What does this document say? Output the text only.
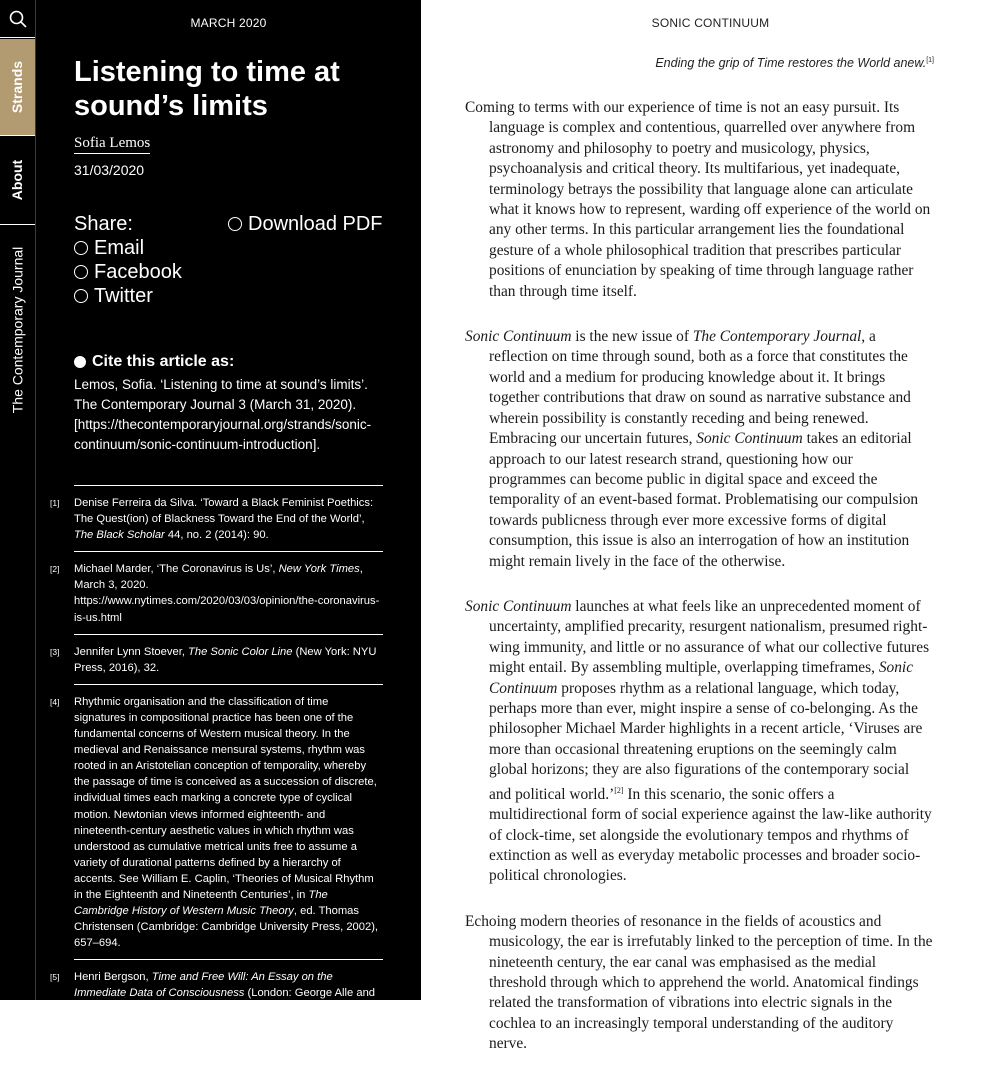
Strands
About
The Contemporary Journal
MARCH 2020
Listening to time at sound’s limits
Sofia Lemos
31/03/2020
Share:
Email
Facebook
Twitter
Download PDF
Cite this article as:
Lemos, Sofia. ‘Listening to time at sound’s limits’. The Contemporary Journal 3 (March 31, 2020). [https://thecontemporaryjournal.org/strands/sonic-continuum/sonic-continuum-introduction].
[1] Denise Ferreira da Silva. ‘Toward a Black Feminist Poethics: The Quest(ion) of Blackness Toward the End of the World’, The Black Scholar 44, no. 2 (2014): 90.
[2] Michael Marder, ‘The Coronavirus is Us’, New York Times, March 3, 2020. https://www.nytimes.com/2020/03/03/opinion/the-coronavirus-is-us.html
[3] Jennifer Lynn Stoever, The Sonic Color Line (New York: NYU Press, 2016), 32.
[4] Rhythmic organisation and the classification of time signatures in compositional practice has been one of the fundamental concerns of Western musical theory. In the medieval and Renaissance mensural systems, rhythm was rooted in an Aristotelian conception of temporality, whereby the passage of time is conceived as a succession of discrete, individual times each marking a concrete type of cyclical motion. Newtonian views informed eighteenth- and nineteenth-century aesthetic values in which rhythm was understood as cumulative metrical units free to assume a variety of durational patterns defined by a hierarchy of accents. See William E. Caplin, ‘Theories of Musical Rhythm in the Eighteenth and Nineteenth Centuries’, in The Cambridge History of Western Music Theory, ed. Thomas Christensen (Cambridge: Cambridge University Press, 2002), 657–694.
[5] Henri Bergson, Time and Free Will: An Essay on the Immediate Data of Consciousness (London: George Alle and Unwin, 1950), 111.
SONIC CONTINUUM
Ending the grip of Time restores the World anew.[1]

Coming to terms with our experience of time is not an easy pursuit. Its language is complex and contentious, quarrelled over anywhere from astronomy and philosophy to poetry and musicology, physics, psychoanalysis and critical theory. Its multifarious, yet inadequate, terminology betrays the possibility that language alone can articulate what it knows how to represent, warding off experience of the world on any other terms. In this particular arrangement lies the foundational gesture of a whole philosophical tradition that prescribes particular positions of enunciation by speaking of time through language rather than through time itself.

Sonic Continuum is the new issue of The Contemporary Journal, a reflection on time through sound, both as a force that constitutes the world and a medium for producing knowledge about it. It brings together contributions that draw on sound as narrative substance and wherein possibility is constantly receding and being renewed. Embracing our uncertain futures, Sonic Continuum takes an editorial approach to our latest research strand, questioning how our programmes can become public in digital space and exceed the temporality of an event-based format. Problematising our compulsion towards publicness through ever more excessive forms of digital consumption, this issue is also an interrogation of how an institution might remain lively in the face of the otherwise.

Sonic Continuum launches at what feels like an unprecedented moment of uncertainty, amplified precarity, resurgent nationalism, presumed right-wing immunity, and little or no assurance of what our collective futures might entail. By assembling multiple, overlapping timeframes, Sonic Continuum proposes rhythm as a relational language, which today, perhaps more than ever, might inspire a sense of co-belonging. As the philosopher Michael Marder highlights in a recent article, ‘Viruses are more than occasional threatening eruptions on the seemingly calm global horizons; they are also figurations of the contemporary social and political world.’[2] In this scenario, the sonic offers a multidirectional form of social experience against the law-like authority of clock-time, set alongside the evolutionary tempos and rhythms of extinction as well as everyday metabolic processes and broader socio-political chronologies.

Echoing modern theories of resonance in the fields of acoustics and musicology, the ear is irrefutably linked to the perception of time. In the nineteenth century, the ear canal was emphasised as the medial threshold through which to apprehend the world. Anatomical findings related the transformation of vibrations into electric signals in the cochlea to an increasingly temporal understanding of the auditory nerve.
